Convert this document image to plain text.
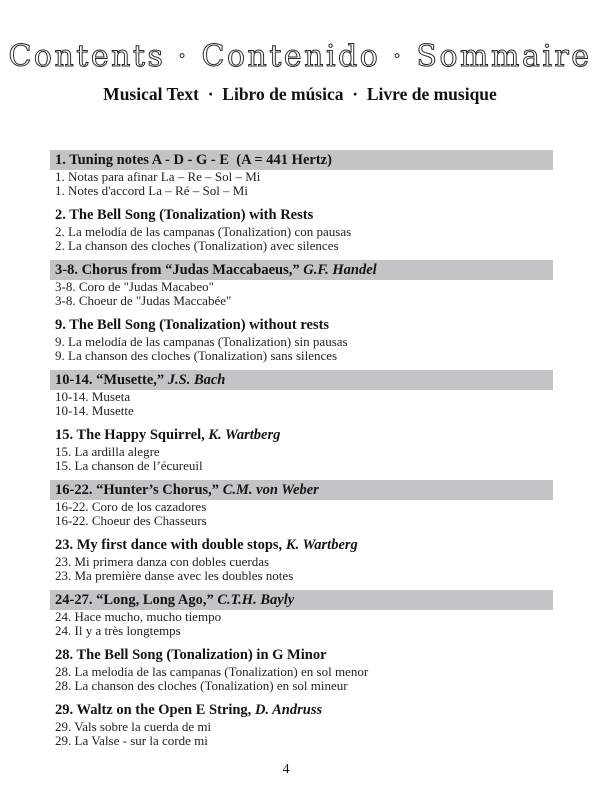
Contents · Contenido · Sommaire
Musical Text  ·  Libro de música  ·  Livre de musique
1. Tuning notes A - D - G - E  (A = 441 Hertz)
1. Notas para afinar La – Re – Sol – Mi
1. Notes d'accord La – Ré – Sol – Mi
2. The Bell Song (Tonalization) with Rests
2. La melodía de las campanas (Tonalization) con pausas
2. La chanson des cloches (Tonalization) avec silences
3-8. Chorus from “Judas Maccabaeus,” G.F. Handel
3-8. Coro de "Judas Macabeo"
3-8. Choeur de "Judas Maccabée"
9. The Bell Song (Tonalization) without rests
9. La melodía de las campanas (Tonalization) sin pausas
9. La chanson des cloches (Tonalization) sans silences
10-14. “Musette,” J.S. Bach
10-14. Museta
10-14. Musette
15. The Happy Squirrel, K. Wartberg
15. La ardilla alegre
15. La chanson de l’écureuil
16-22. “Hunter’s Chorus,” C.M. von Weber
16-22. Coro de los cazadores
16-22. Choeur des Chasseurs
23. My first dance with double stops, K. Wartberg
23. Mi primera danza con dobles cuerdas
23. Ma première danse avec les doubles notes
24-27. “Long, Long Ago,” C.T.H. Bayly
24. Hace mucho, mucho tiempo
24. Il y a très longtemps
28. The Bell Song (Tonalization) in G Minor
28. La melodía de las campanas (Tonalization) en sol menor
28. La chanson des cloches (Tonalization) en sol mineur
29. Waltz on the Open E String, D. Andruss
29. Vals sobre la cuerda de mi
29. La Valse - sur la corde mi
4
